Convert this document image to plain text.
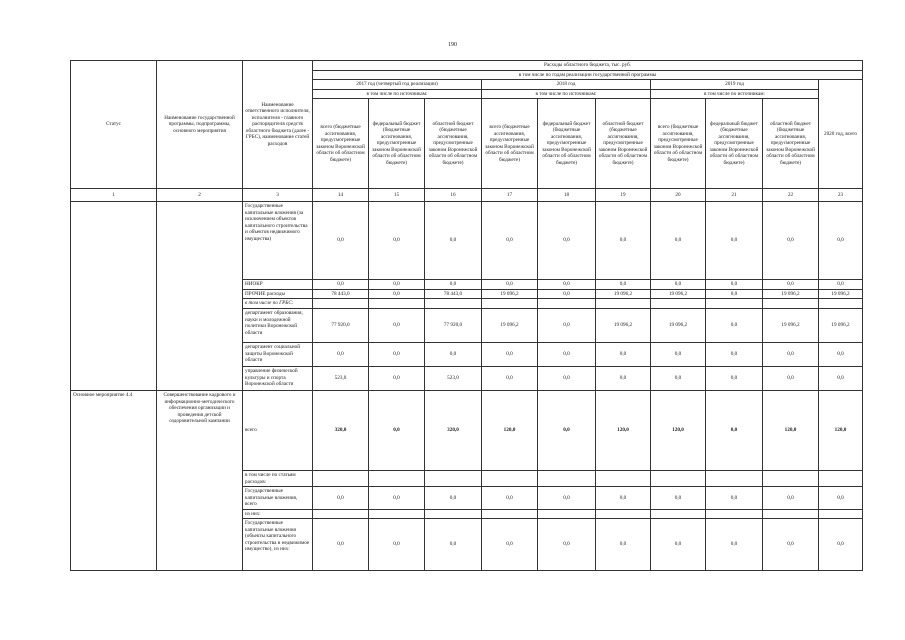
190
Статус	Наименование государственной программы, подпрограммы, основного мероприятия	Наименование ответственного исполнителя, исполнителя - главного распорядителя средств областного бюджета (далее - ГРБС), наименование статей расходов	Расходы областного бюджета, тыс. руб.									
			в том числе по годам реализации государственной программы									
			2017 год (четвертый год реализации)			2018 год			2019 год			2020 год, всего
			в том числе по источникам:			в том числе по источникам:			в том числе по источникам:			
			всего (бюджетные ассигнования, предусмотренные законом Воронежской области об областном бюджете)	федеральный бюджет (бюджетные ассигнования, предусмотренные законом Воронежской области об областном бюджете)	областной бюджет (бюджетные ассигнования, предусмотренные законом Воронежской области об областном бюджете)	всего (бюджетные ассигнования, предусмотренные законом Воронежской области об областном бюджете)	федеральный бюджет (бюджетные ассигнования, предусмотренные законом Воронежской области об областном бюджете)	областной бюджет (бюджетные ассигнования, предусмотренные законом Воронежской области об областном бюджете)	всего (бюджетные ассигнования, предусмотренные законом Воронежской области об областном бюджете)	федеральный бюджет (бюджетные ассигнования, предусмотренные законом Воронежской области об областном бюджете)	областной бюджет (бюджетные ассигнования, предусмотренные законом Воронежской области об областном бюджете)	
1	2	3	14	15	16	17	18	19	20	21	22	23
		Государственные капитальные вложения (за исключением объектов капитального строительства и объектов недвижимого имущества)	0,0	0,0	0,0	0,0	0,0	0,0	0,0	0,0	0,0	0,0
		НИОКР	0,0	0,0	0,0	0,0	0,0	0,0	0,0	0,0	0,0	0,0
		ПРОЧИЕ расходы	78 443,0	0,0	78 443,0	19 096,2	0,0	19 096,2	19 096,2	0,0	19 096,2	19 096,2
		в том числе по ГРБС:										
		департамент образования, науки и молодежной политики Воронежской области	77 920,0	0,0	77 920,0	19 096,2	0,0	19 096,2	19 096,2	0,0	19 096,2	19 096,2
		департамент социальной защиты Воронежской области	0,0	0,0	0,0	0,0	0,0	0,0	0,0	0,0	0,0	0,0
		управление физической культуры и спорта Воронежской области	523,0	0,0	523,0	0,0	0,0	0,0	0,0	0,0	0,0	0,0
Основное мероприятие 4.4	Совершенствование кадрового и информационно-методического обеспечения организации и проведения детской оздоровительной кампании	всего	320,0	0,0	320,0	120,0	0,0	120,0	120,0	0,0	120,0	120,0
		в том числе по статьям расходов:										
		Государственные капитальные вложения, всего	0,0	0,0	0,0	0,0	0,0	0,0	0,0	0,0	0,0	0,0
		из них:										
		Государственные капитальные вложения (объекты капитального строительства и недвижимое имущество), из них:	0,0	0,0	0,0	0,0	0,0	0,0	0,0	0,0	0,0	0,0
